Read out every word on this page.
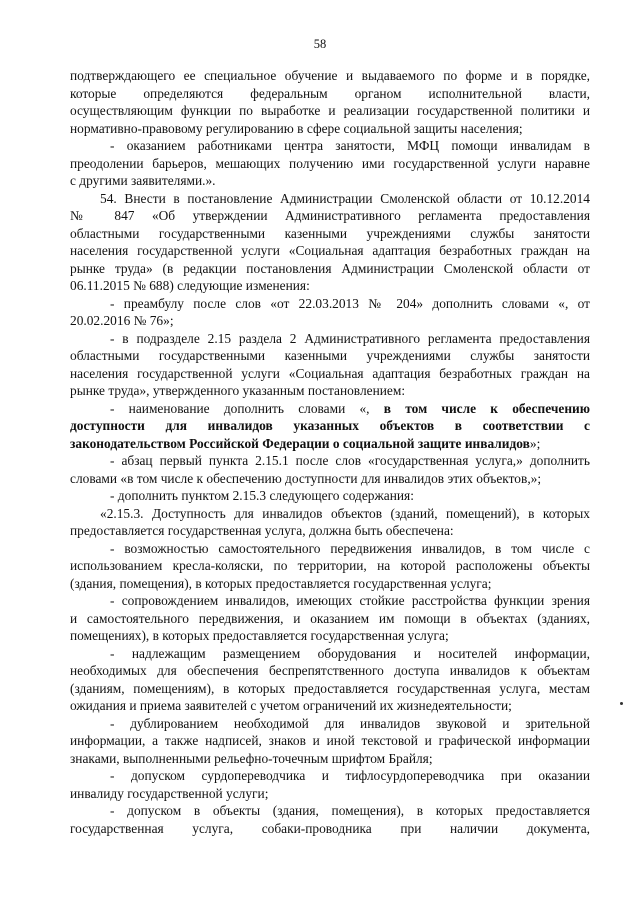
58
подтверждающего ее специальное обучение и выдаваемого по форме и в порядке,
которые определяются федеральным органом исполнительной власти,
осуществляющим функции по выработке и реализации государственной политики и
нормативно-правовому регулированию в сфере социальной защиты населения;
- оказанием работниками центра занятости, МФЦ помощи инвалидам в
преодолении барьеров, мешающих получению ими государственной услуги наравне
с другими заявителями.».
54. Внести в постановление Администрации Смоленской области от 10.12.2014
№ 847 «Об утверждении Административного регламента предоставления
областными государственными казенными учреждениями службы занятости
населения государственной услуги «Социальная адаптация безработных граждан на
рынке труда» (в редакции постановления Администрации Смоленской области от
06.11.2015 № 688) следующие изменения:
- преамбулу после слов «от 22.03.2013 № 204» дополнить словами «, от
20.02.2016 № 76»;
- в подразделе 2.15 раздела 2 Административного регламента предоставления
областными государственными казенными учреждениями службы занятости
населения государственной услуги «Социальная адаптация безработных граждан на
рынке труда», утвержденного указанным постановлением:
- наименование дополнить словами «, в том числе к обеспечению
доступности для инвалидов указанных объектов в соответствии с
законодательством Российской Федерации о социальной защите инвалидов»;
- абзац первый пункта 2.15.1 после слов «государственная услуга,» дополнить
словами «в том числе к обеспечению доступности для инвалидов этих объектов,»;
- дополнить пунктом 2.15.3 следующего содержания:
«2.15.3. Доступность для инвалидов объектов (зданий, помещений), в которых
предоставляется государственная услуга, должна быть обеспечена:
- возможностью самостоятельного передвижения инвалидов, в том числе с
использованием кресла-коляски, по территории, на которой расположены объекты
(здания, помещения), в которых предоставляется государственная услуга;
- сопровождением инвалидов, имеющих стойкие расстройства функции зрения
и самостоятельного передвижения, и оказанием им помощи в объектах (зданиях,
помещениях), в которых предоставляется государственная услуга;
- надлежащим размещением оборудования и носителей информации,
необходимых для обеспечения беспрепятственного доступа инвалидов к объектам
(зданиям, помещениям), в которых предоставляется государственная услуга, местам
ожидания и приема заявителей с учетом ограничений их жизнедеятельности;
- дублированием необходимой для инвалидов звуковой и зрительной
информации, а также надписей, знаков и иной текстовой и графической информации
знаками, выполненными рельефно-точечным шрифтом Брайля;
- допуском сурдопереводчика и тифлосурдопереводчика при оказании
инвалиду государственной услуги;
- допуском в объекты (здания, помещения), в которых предоставляется
государственная услуга, собаки-проводника при наличии документа,
